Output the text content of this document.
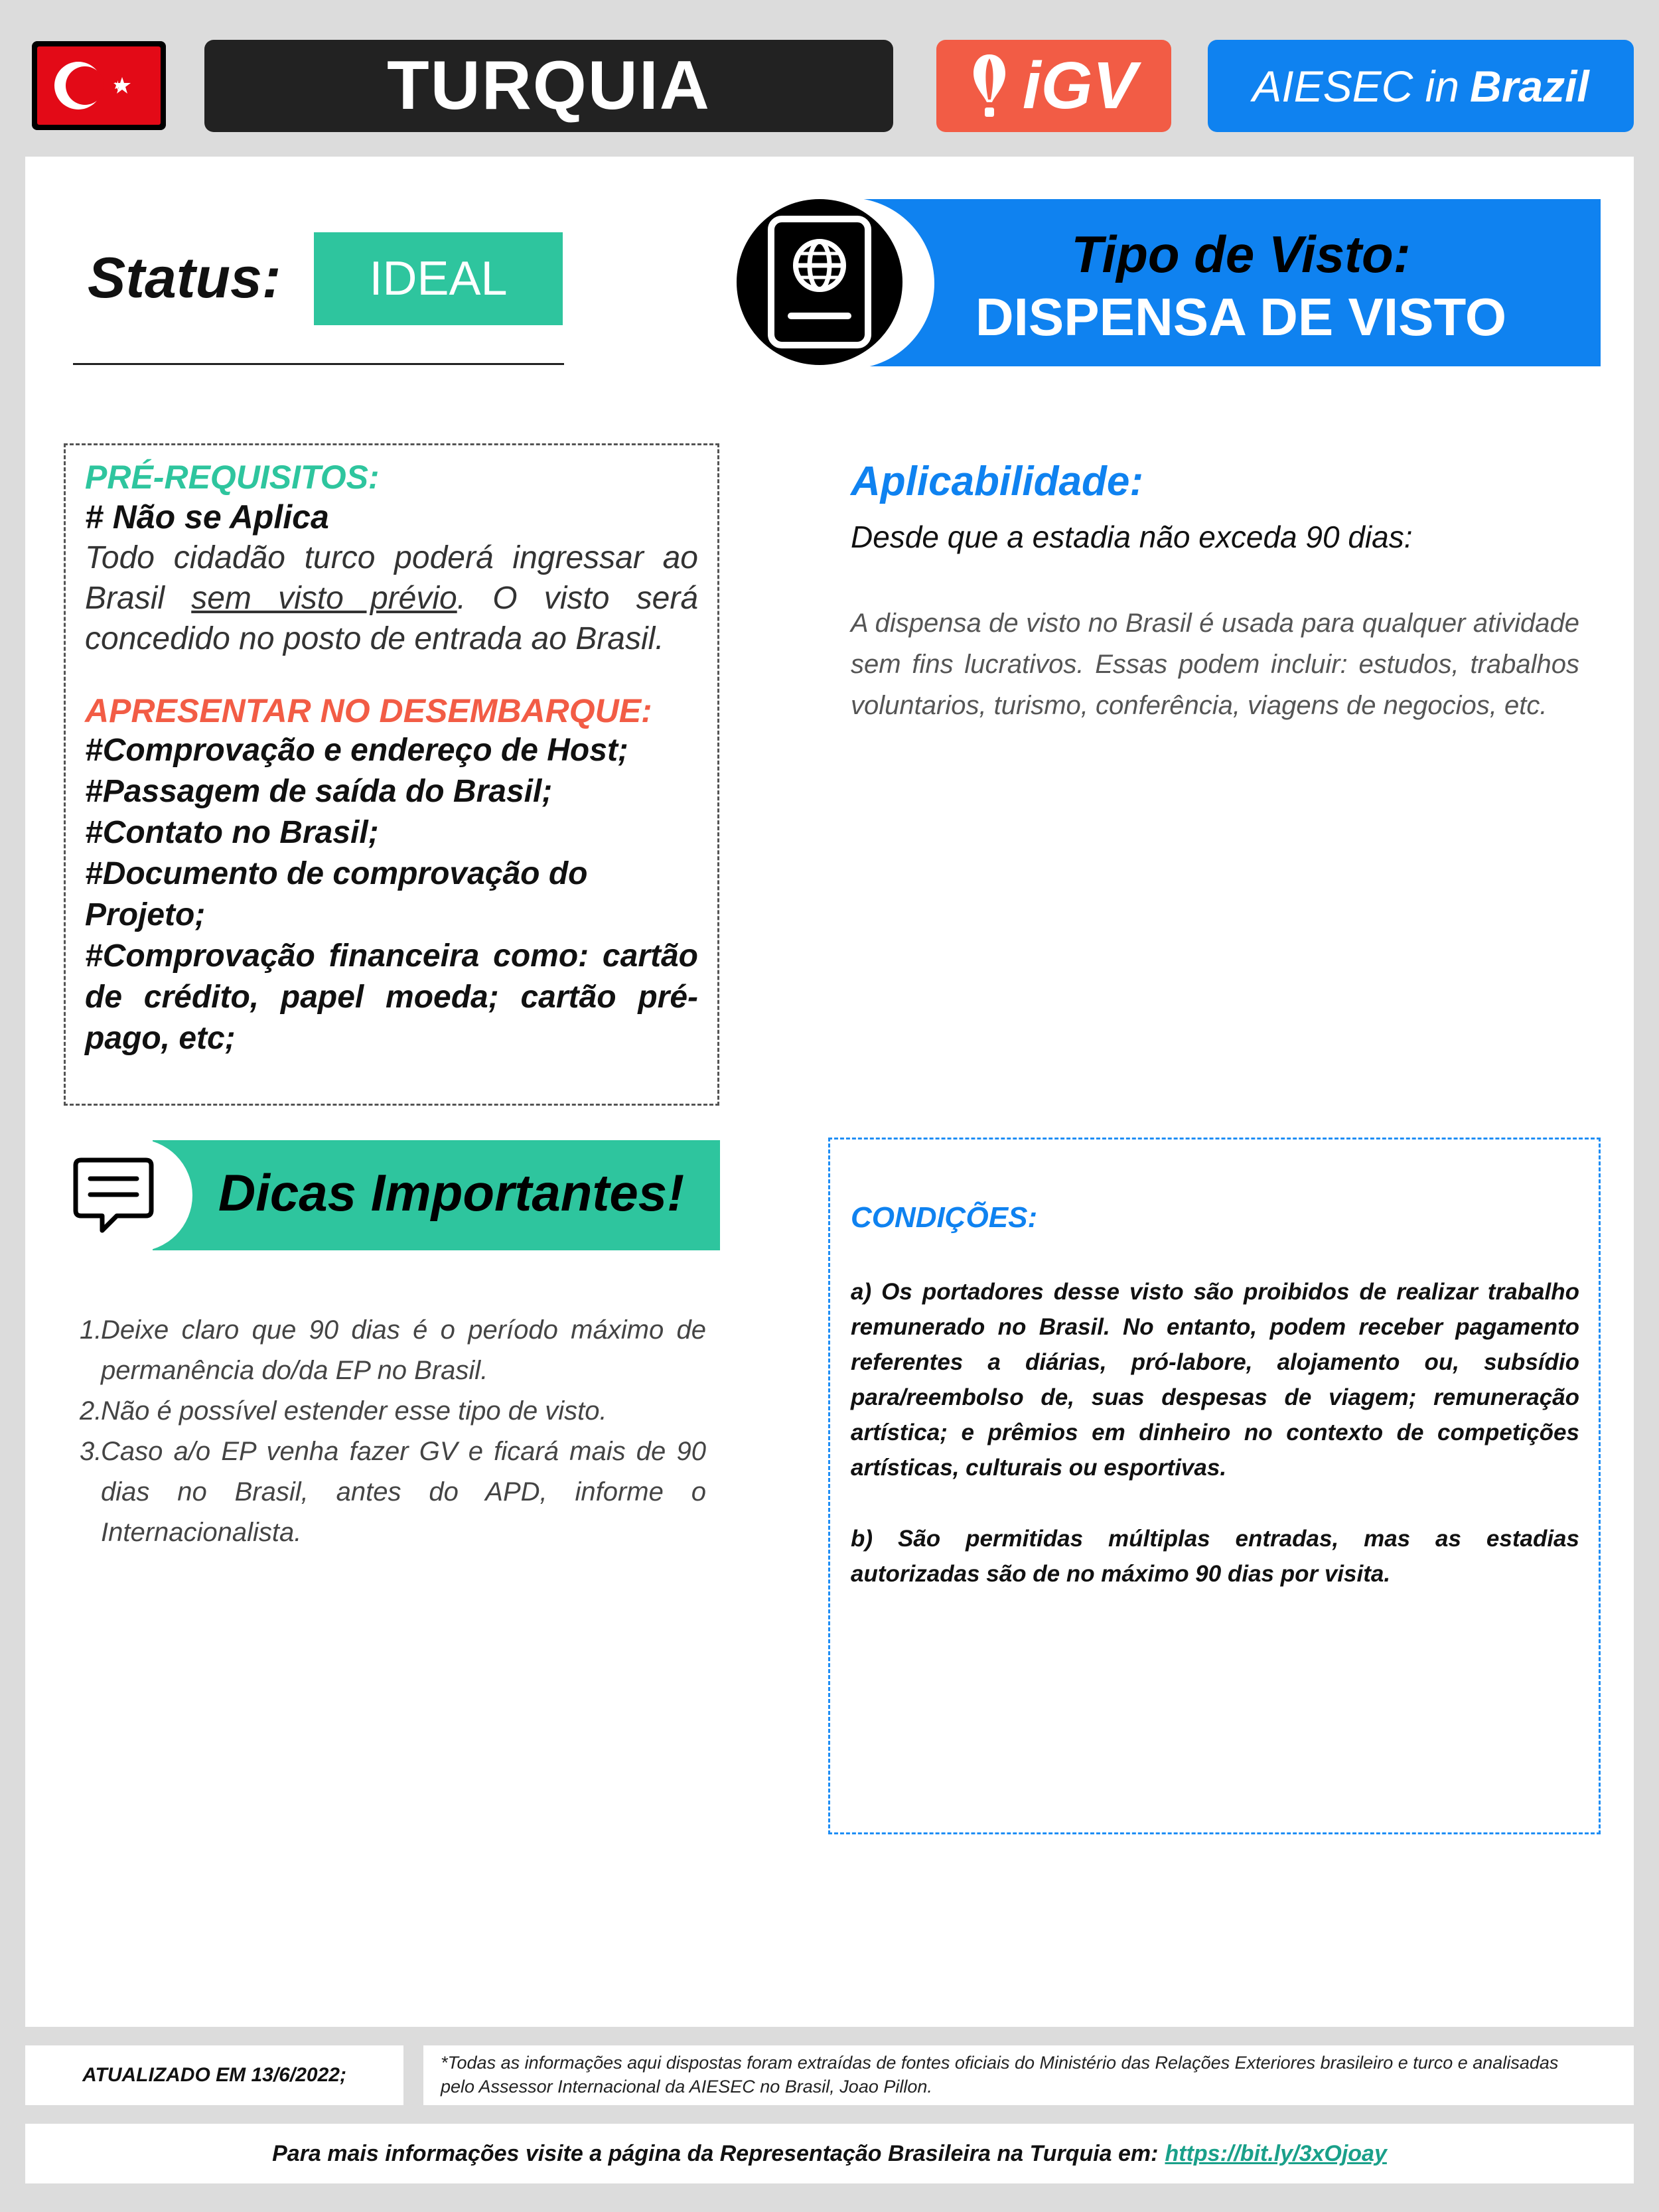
TURQUIA	iGV	AIESEC in Brazil
Status:	IDEAL	Tipo de Visto:
DISPENSA DE VISTO
PRÉ-REQUISITOS:
# Não se Aplica
Todo cidadão turco poderá ingressar ao Brasil sem visto prévio. O visto será concedido no posto de entrada ao Brasil.
APRESENTAR NO DESEMBARQUE:
#Comprovação e endereço de Host;
#Passagem de saída do Brasil;
#Contato no Brasil;
#Documento de comprovação do Projeto;
#Comprovação financeira como: cartão de crédito, papel moeda; cartão pré-pago, etc;
Aplicabilidade:
Desde que a estadia não exceda 90 dias:
A dispensa de visto no Brasil é usada para qualquer atividade sem fins lucrativos. Essas podem incluir: estudos, trabalhos voluntarios, turismo, conferência, viagens de negocios, etc.
Dicas Importantes!
1.
Deixe claro que 90 dias é o período máximo de permanência do/da EP no Brasil.
2.
Não é possível estender esse tipo de visto.
3.
Caso a/o EP venha fazer GV e ficará mais de 90 dias no Brasil, antes do APD, informe o Internacionalista.
CONDIÇÕES:
a) Os portadores desse visto são proibidos de realizar trabalho remunerado no Brasil. No entanto, podem receber pagamento referentes a diárias, pró-labore, alojamento ou, subsídio para/reembolso de, suas despesas de viagem; remuneração artística; e prêmios em dinheiro no contexto de competições artísticas, culturais ou esportivas.
b) São permitidas múltiplas entradas, mas as estadias autorizadas são de no máximo 90 dias por visita.
ATUALIZADO EM 13/6/2022;
*Todas as informações aqui dispostas foram extraídas de fontes oficiais do Ministério das Relações Exteriores brasileiro e turco e analisadas pelo Assessor Internacional da AIESEC no Brasil, Joao Pillon.
Para mais informações visite a página da Representação Brasileira na Turquia em: https://bit.ly/3xOjoay
